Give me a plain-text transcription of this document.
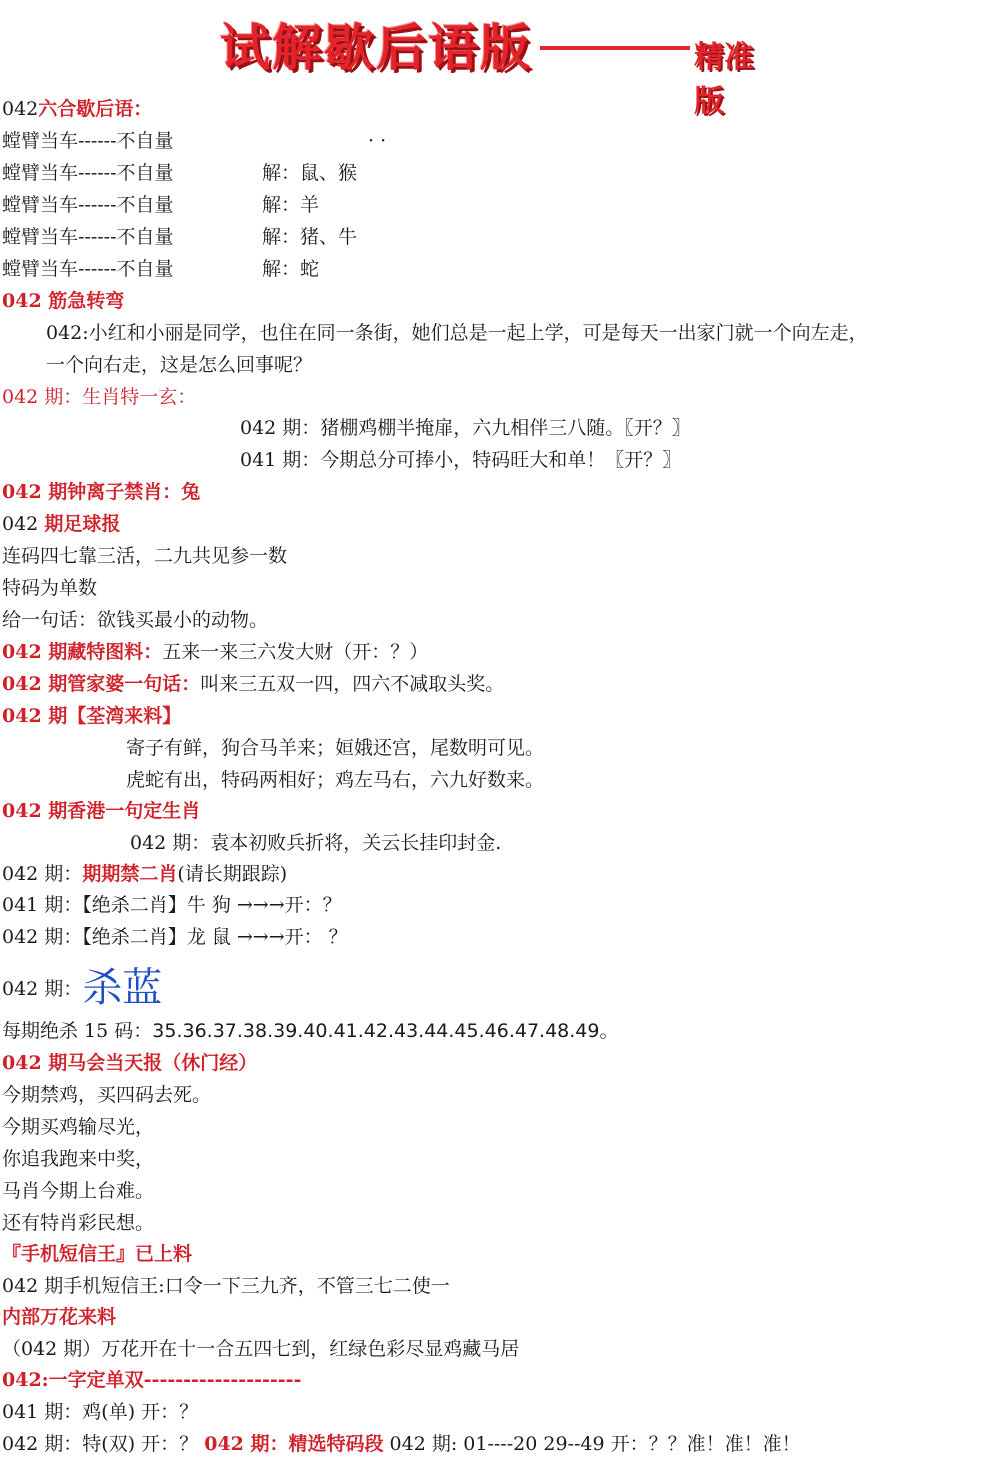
试解歇后语版	精准版
042六合歇后语：
螳臂当车------不自量	· ·
螳臂当车------不自量	解：鼠、猴
螳臂当车------不自量	解：羊
螳臂当车------不自量	解：猪、牛
螳臂当车------不自量	解：蛇
042 筋急转弯
042:小红和小丽是同学，也住在同一条街，她们总是一起上学，可是每天一出家门就一个向左走，
一个向右走，这是怎么回事呢？
042 期：生肖特一玄：
042 期：猪棚鸡棚半掩扉，六九相伴三八随。〖开？〗
041 期：今期总分可捧小，特码旺大和单！〖开？〗
042 期钟离子禁肖：兔
042 期足球报
连码四七靠三活，二九共见参一数
特码为单数
给一句话：欲钱买最小的动物。
042 期藏特图料：五来一来三六发大财（开：？）
042 期管家婆一句话：叫来三五双一四，四六不减取头奖。
042 期【荃湾来料】
寄子有鲜，狗合马羊来；姮娥还宫，尾数明可见。
虎蛇有出，特码两相好；鸡左马右，六九好数来。
042 期香港一句定生肖
042 期：袁本初败兵折将，关云长挂印封金.
042 期：期期禁二肖(请长期跟踪)
041 期：【绝杀二肖】牛 狗 →→→开：？
042 期：【绝杀二肖】龙 鼠 →→→开： ？
042 期：杀蓝
每期绝杀 15 码：35.36.37.38.39.40.41.42.43.44.45.46.47.48.49。
042 期马会当天报（休门经）
今期禁鸡，买四码去死。
今期买鸡输尽光，
你追我跑来中奖，
马肖今期上台难。
还有特肖彩民想。
『手机短信王』已上料
042 期手机短信王:口令一下三九齐，不管三七二使一
内部万花来料
（042 期）万花开在十一合五四七到，红绿色彩尽显鸡藏马居
042:一字定单双--------------------
041 期：鸡(单) 开：？
042 期：特(双) 开：？ 042 期：精选特码段 042 期: 01----20 29--49 开：？？准！准！准！
